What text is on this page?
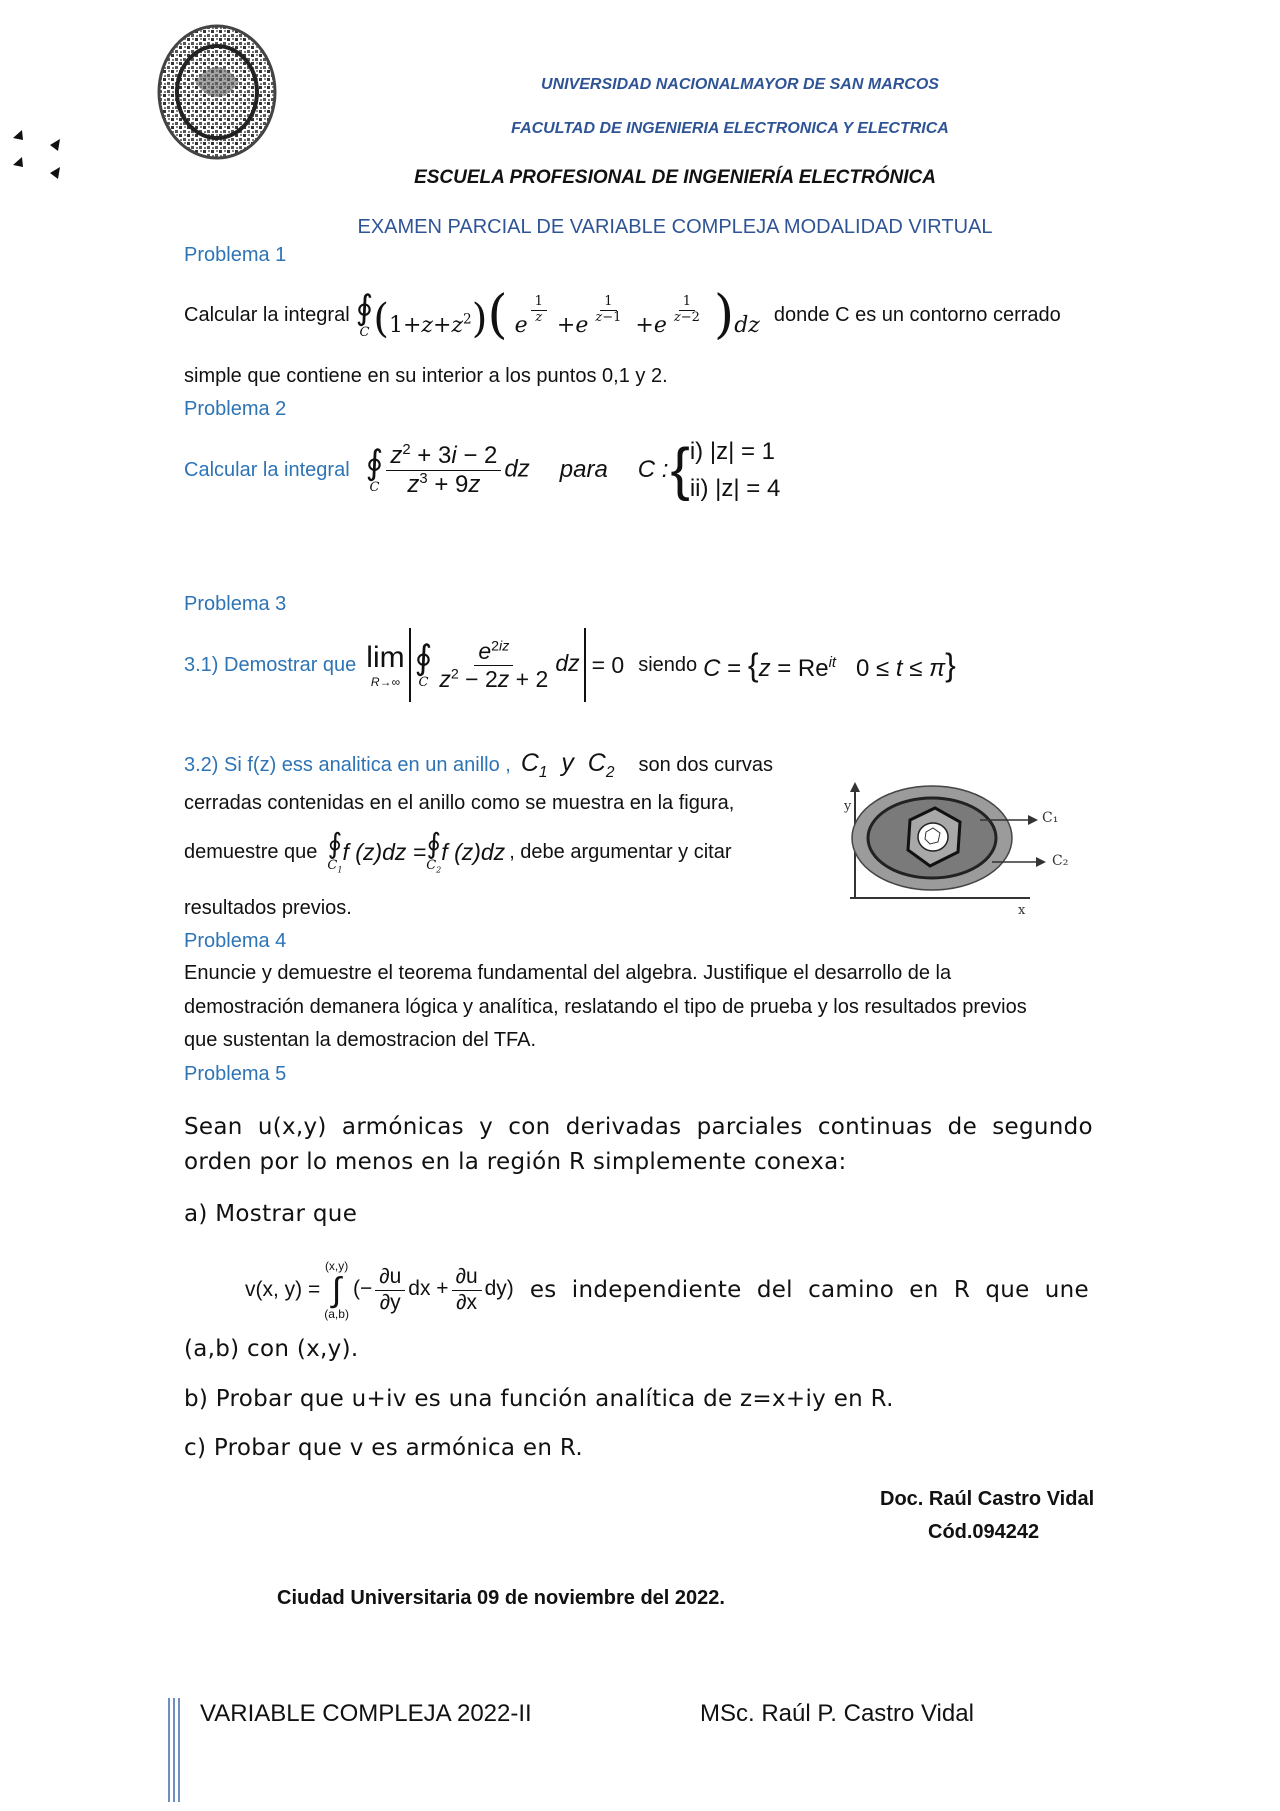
UNIVERSIDAD NACIONALMAYOR DE SAN MARCOS
FACULTAD DE INGENIERIA ELECTRONICA Y ELECTRICA
ESCUELA PROFESIONAL DE INGENIERÍA ELECTRÓNICA
EXAMEN PARCIAL DE VARIABLE COMPLEJA MODALIDAD VIRTUAL
Problema 1
Calcular la integral ∮
C $(1+z+z^2)$( e $^{\frac{1}{z}}$ +e $^{\frac{1}{z-1}}$ +e $^{\frac{1}{z-2}}$ )dz donde C es un contorno cerrado
simple que contiene en su interior a los puntos 0,1 y 2.
Problema 2
Calcular la integral ∮
C $\frac{z^2 + 3i - 2}{z^3 + 9z}$ dz para C : { i) |z| = 1
ii) |z| = 4
Problema 3
3.1) Demostrar que lim
R→∞
∮
C $\frac{e^{2iz}}{z^2 - 2z + 2}$ dz = 0 siendo $C = \{z = Re^{it}$   0 ≤ t ≤ π}
3.2) Si f(z) ess analitica en un anillo , $C_1$  y  $C_2$ son dos curvas
cerradas contenidas en el anillo como se muestra en la figura,
demuestre que ∮
$C_1$
f (z)dz = ∮
$C_2$
f (z)dz , debe argumentar y citar
resultados previos.
y
x
C₁
C₂
Problema 4
Enuncie y demuestre el teorema fundamental del algebra. Justifique el desarrollo de la
demostración demanera lógica y analítica, reslatando el tipo de prueba y los resultados previos
que sustentan la demostracion del TFA.
Problema 5
Sean  u(x,y)  armónicas  y  con  derivadas  parciales  continuas  de  segundo
orden por lo menos en la región R simplemente conexa:
a) Mostrar que
v(x, y) =
(x,y)
∫
(a,b)
(− $\frac{\partial u}{\partial y}$ dx + $\frac{\partial u}{\partial x} dy$) es  independiente  del  camino  en  R  que  une
(a,b) con (x,y).
b) Probar que u+iv es una función analítica de z=x+iy en R.
c) Probar que v es armónica en R.
Doc. Raúl Castro Vidal
Cód.094242
Ciudad Universitaria 09 de noviembre del 2022.
VARIABLE COMPLEJA 2022-II	MSc. Raúl P. Castro Vidal
